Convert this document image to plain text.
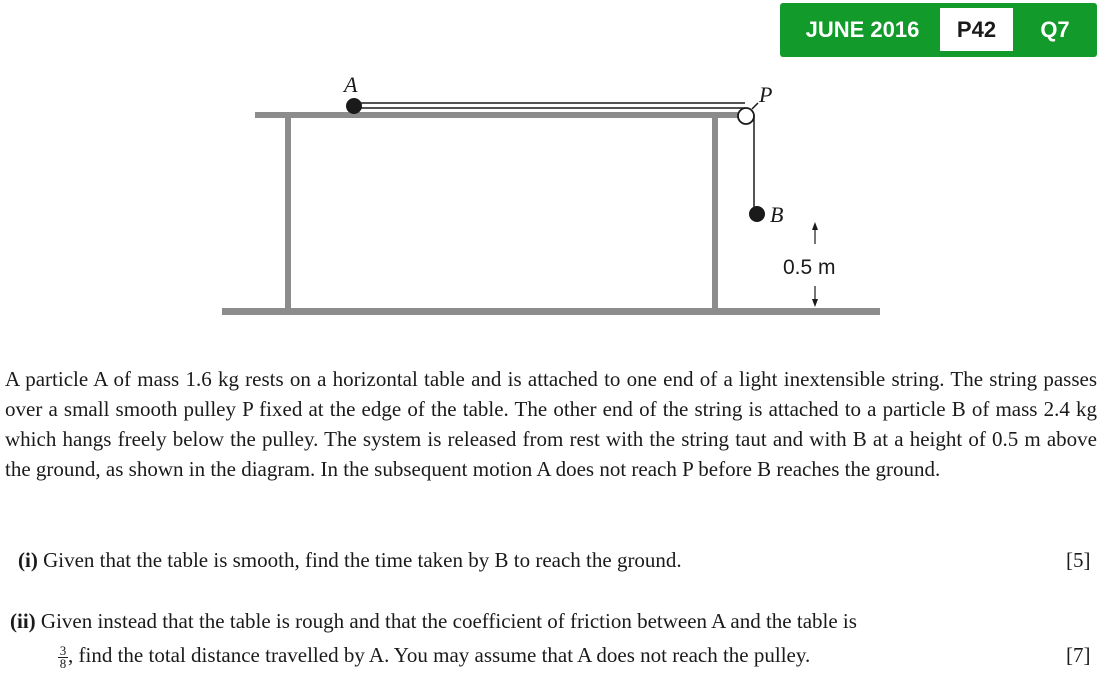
JUNE 2016	P42	Q7
A	P
B
0.5 m

A particle A of mass 1.6 kg rests on a horizontal table and is attached to one end of a light inextensible string. The string passes over a small smooth pulley P fixed at the edge of the table. The other end of the string is attached to a particle B of mass 2.4 kg which hangs freely below the pulley. The system is released from rest with the string taut and with B at a height of 0.5 m above the ground, as shown in the diagram. In the subsequent motion A does not reach P before B reaches the ground.

(i) Given that the table is smooth, find the time taken by B to reach the ground.	[5]
(ii) Given instead that the table is rough and that the coefficient of friction between A and the table is
$\frac{3}{8}$ , find the total distance travelled by A. You may assume that A does not reach the pulley.	[7]
